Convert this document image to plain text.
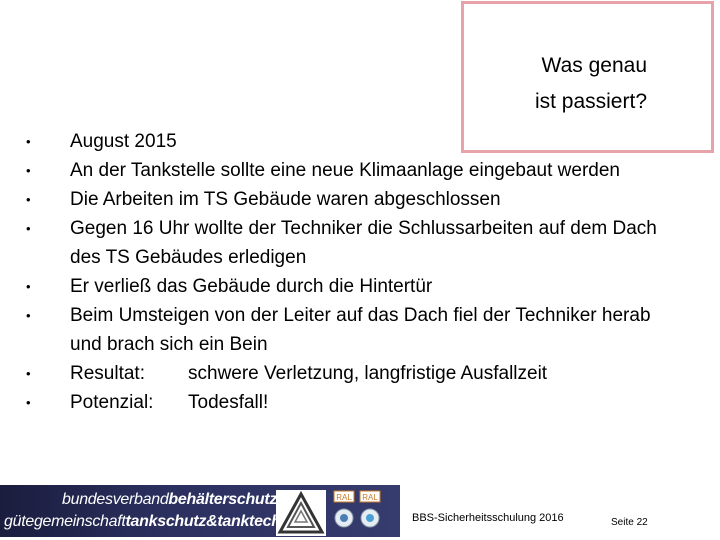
Was genau
ist passiert?
• August 2015
• An der Tankstelle sollte eine neue Klimaanlage eingebaut werden
• Die Arbeiten im TS Gebäude waren abgeschlossen
• Gegen 16 Uhr wollte der Techniker die Schlussarbeiten auf dem Dach des TS Gebäudes erledigen
• Er verließ das Gebäude durch die Hintertür
• Beim Umsteigen von der Leiter auf das Dach fiel der Techniker herab und brach sich ein Bein
• Resultat: schwere Verletzung, langfristige Ausfallzeit
• Potenzial: Todesfall!
bundesverbandbehälterschutz
gütegemeinschafttankschutz&tanktechnik
RAL RAL
BBS-Sicherheitsschulung 2016	Seite 22
